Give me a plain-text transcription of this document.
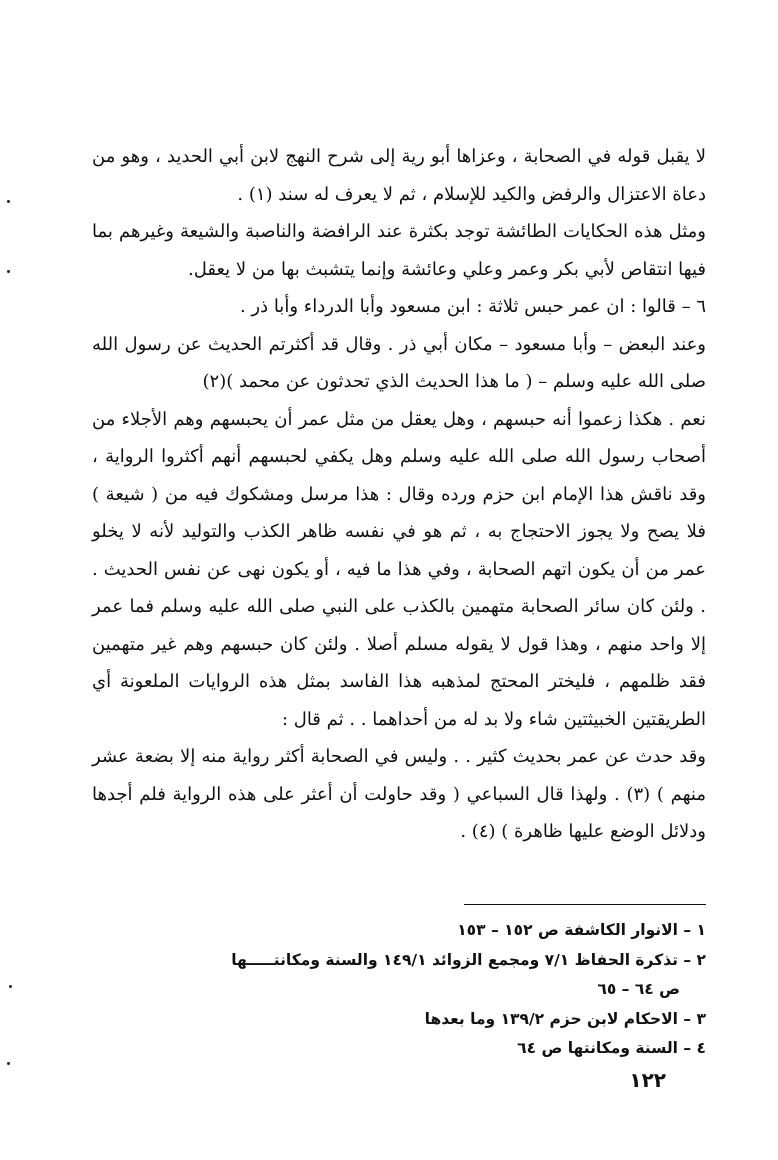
لا يقبل قوله في الصحابة ، وعزاها أبو رية إلى شرح النهج لابن أبي الحديد ، وهو من دعاة الاعتزال والرفض والكيد للإسلام ، ثم لا يعرف له سند (١) .

ومثل هذه الحكايات الطائشة توجد بكثرة عند الرافضة والناصبة والشيعة وغيرهم بما فيها انتقاص لأبي بكر وعمر وعلي وعائشة وإنما يتشبث بها من لا يعقل.

٦ – قالوا : ان عمر حبس ثلاثة : ابن مسعود وأبا الدرداء وأبا ذر .

وعند البعض – وأبا مسعود – مكان أبي ذر . وقال قد أكثرتم الحديث عن رسول الله صلى الله عليه وسلم – ( ما هذا الحديث الذي تحدثون عن محمد )(٢)

نعم . هكذا زعموا أنه حبسهم ، وهل يعقل من مثل عمر أن يحبسهم وهم الأجلاء من أصحاب رسول الله صلى الله عليه وسلم وهل يكفي لحبسهم أنهم أكثروا الرواية ، وقد ناقش هذا الإمام ابن حزم ورده وقال : هذا مرسل ومشكوك فيه من ( شيعة ) فلا يصح ولا يجوز الاحتجاج به ، ثم هو في نفسه ظاهر الكذب والتوليد لأنه لا يخلو عمر من أن يكون اتهم الصحابة ، وفي هذا ما فيه ، أو يكون نهى عن نفس الحديث . . ولئن كان سائر الصحابة متهمين بالكذب على النبي صلى الله عليه وسلم فما عمر إلا واحد منهم ، وهذا قول لا يقوله مسلم أصلا . ولئن كان حبسهم وهم غير متهمين فقد ظلمهم ، فليختر المحتج لمذهبه هذا الفاسد بمثل هذه الروايات الملعونة أي الطريقتين الخبيثتين شاء ولا بد له من أحداهما . . ثم قال :

وقد حدث عن عمر بحديث كثير . . وليس في الصحابة أكثر رواية منه إلا بضعة عشر منهم ) (٣) . ولهذا قال السباعي ( وقد حاولت أن أعثر على هذه الرواية فلم أجدها ودلائل الوضع عليها ظاهرة ) (٤) .

١ – الانوار الكاشفة ص ١٥٢ – ١٥٣
٢ – تذكرة الحفاظ ٧/١ ومجمع الزوائد ١٤٩/١ والسنة ومكانتـــــها
ص ٦٤ – ٦٥
٣ – الاحكام لابن حزم ١٣٩/٢ وما بعدها
٤ – السنة ومكانتها ص ٦٤
١٢٢
